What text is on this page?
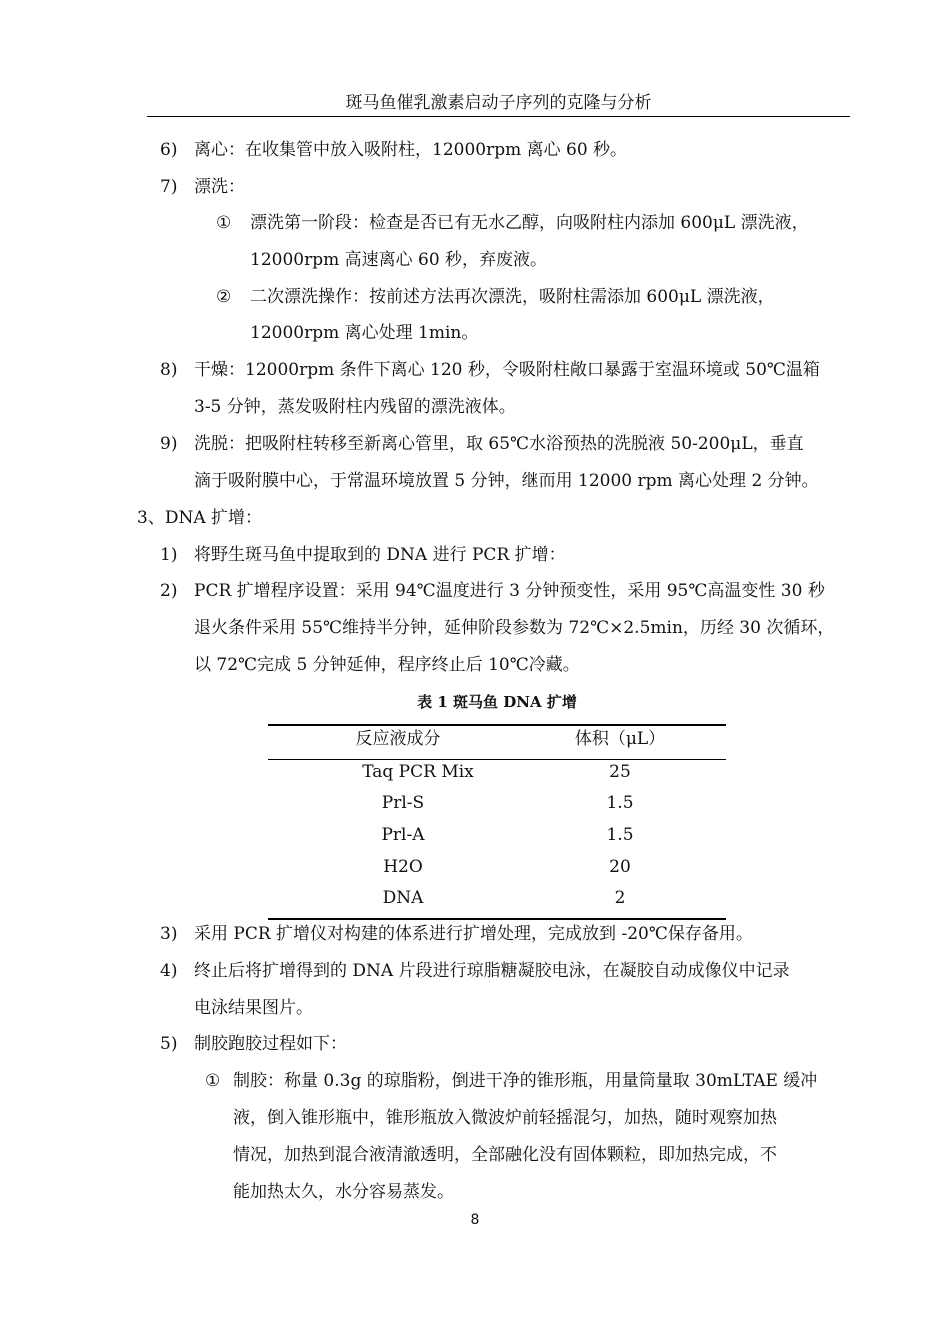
斑马鱼催乳激素启动子序列的克隆与分析
6) 离心：在收集管中放入吸附柱，12000rpm 离心 60 秒。
7) 漂洗：
① 漂洗第一阶段：检查是否已有无水乙醇，向吸附柱内添加 600μL 漂洗液，
12000rpm 高速离心 60 秒，弃废液。
② 二次漂洗操作：按前述方法再次漂洗，吸附柱需添加 600μL 漂洗液，
12000rpm 离心处理 1min。
8) 干燥：12000rpm 条件下离心 120 秒，令吸附柱敞口暴露于室温环境或 50℃温箱
3-5 分钟，蒸发吸附柱内残留的漂洗液体。
9) 洗脱：把吸附柱转移至新离心管里，取 65℃水浴预热的洗脱液 50-200μL，垂直
滴于吸附膜中心，于常温环境放置 5 分钟，继而用 12000 rpm 离心处理 2 分钟。
3、DNA 扩增：
1) 将野生斑马鱼中提取到的 DNA 进行 PCR 扩增：
2) PCR 扩增程序设置：采用 94℃温度进行 3 分钟预变性，采用 95℃高温变性 30 秒
退火条件采用 55℃维持半分钟，延伸阶段参数为 72℃×2.5min，历经 30 次循环，
以 72℃完成 5 分钟延伸，程序终止后 10℃冷藏。
表 1 斑马鱼 DNA 扩增
反应液成分	体积（μL）
Taq PCR Mix	25
Prl-S	1.5
Prl-A	1.5
H2O	20
DNA	2
3) 采用 PCR 扩增仪对构建的体系进行扩增处理，完成放到 -20℃保存备用。
4) 终止后将扩增得到的 DNA 片段进行琼脂糖凝胶电泳，在凝胶自动成像仪中记录
电泳结果图片。
5) 制胶跑胶过程如下：
① 制胶：称量 0.3g 的琼脂粉，倒进干净的锥形瓶，用量筒量取 30mLTAE 缓冲
液，倒入锥形瓶中，锥形瓶放入微波炉前轻摇混匀，加热，随时观察加热
情况，加热到混合液清澈透明，全部融化没有固体颗粒，即加热完成，不
能加热太久，水分容易蒸发。
8
